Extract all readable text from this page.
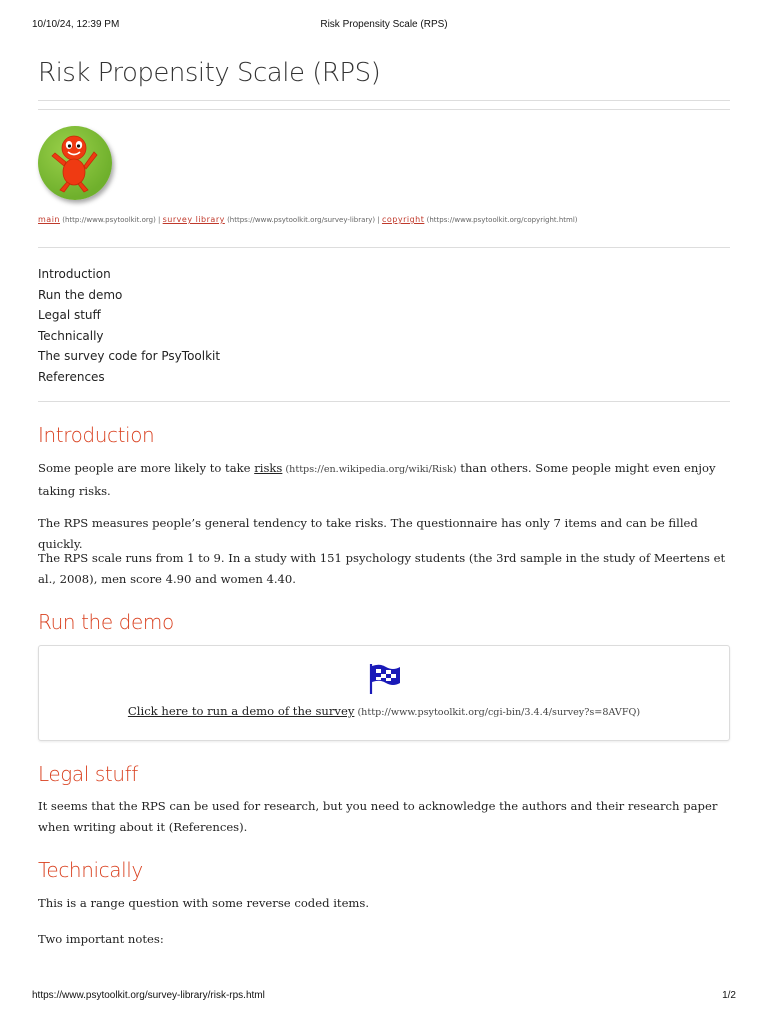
10/10/24, 12:39 PM	Risk Propensity Scale (RPS)
Risk Propensity Scale (RPS)
main (http://www.psytoolkit.org) | survey library (https://www.psytoolkit.org/survey-library) | copyright (https://www.psytoolkit.org/copyright.html)
Introduction
Run the demo
Legal stuff
Technically
The survey code for PsyToolkit
References
Introduction

Some people are more likely to take risks (https://en.wikipedia.org/wiki/Risk) than others. Some people might even enjoy taking risks.

The RPS measures people’s general tendency to take risks. The questionnaire has only 7 items and can be filled quickly.

The RPS scale runs from 1 to 9. In a study with 151 psychology students (the 3rd sample in the study of Meertens et al., 2008), men score 4.90 and women 4.40.

Run the demo
Click here to run a demo of the survey (http://www.psytoolkit.org/cgi-bin/3.4.4/survey?s=8AVFQ)
Legal stuff

It seems that the RPS can be used for research, but you need to acknowledge the authors and their research paper when writing about it (References).

Technically

This is a range question with some reverse coded items.

Two important notes:

https://www.psytoolkit.org/survey-library/risk-rps.html	1/2
